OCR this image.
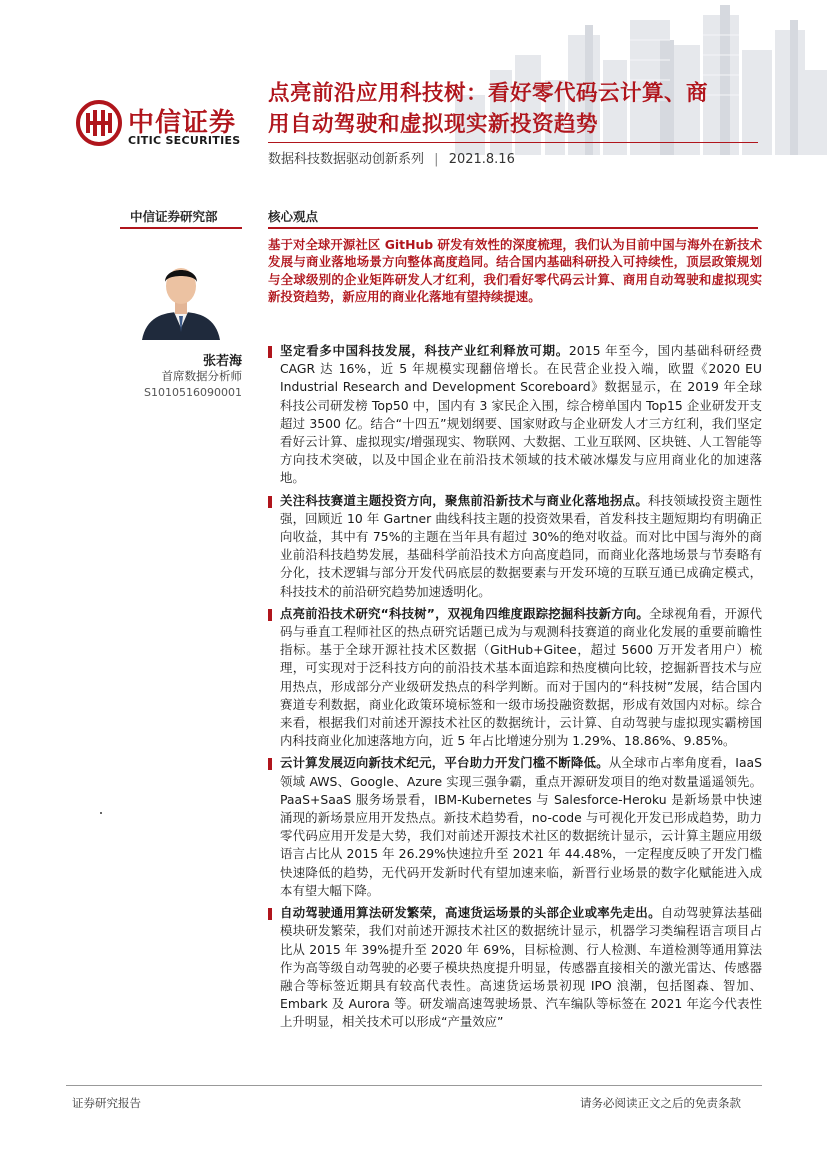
中信证券
CITIC SECURITIES
点亮前沿应用科技树：看好零代码云计算、商
用自动驾驶和虚拟现实新投资趋势
数据科技数据驱动创新系列 | 2021.8.16
中信证券研究部
张若海
首席数据分析师
S1010516090001
核心观点
基于对全球开源社区 GitHub 研发有效性的深度梳理，我们认为目前中国与海外在新技术发展与商业落地场景方向整体高度趋同。结合国内基础科研投入可持续性，顶层政策规划与全球级别的企业矩阵研发人才红利，我们看好零代码云计算、商用自动驾驶和虚拟现实新投资趋势，新应用的商业化落地有望持续提速。
坚定看多中国科技发展，科技产业红利释放可期。2015 年至今，国内基础科研经费 CAGR 达 16%，近 5 年规模实现翻倍增长。在民营企业投入端，欧盟《2020 EU Industrial Research and Development Scoreboard》数据显示，在 2019 年全球科技公司研发榜 Top50 中，国内有 3 家民企入围，综合榜单国内 Top15 企业研发开支超过 3500 亿。结合“十四五”规划纲要、国家财政与企业研发人才三方红利，我们坚定看好云计算、虚拟现实/增强现实、物联网、大数据、工业互联网、区块链、人工智能等方向技术突破，以及中国企业在前沿技术领域的技术破冰爆发与应用商业化的加速落地。
关注科技赛道主题投资方向，聚焦前沿新技术与商业化落地拐点。科技领域投资主题性强，回顾近 10 年 Gartner 曲线科技主题的投资效果看，首发科技主题短期均有明确正向收益，其中有 75%的主题在当年具有超过 30%的绝对收益。而对比中国与海外的商业前沿科技趋势发展，基础科学前沿技术方向高度趋同，而商业化落地场景与节奏略有分化，技术逻辑与部分开发代码底层的数据要素与开发环境的互联互通已成确定模式，科技技术的前沿研究趋势加速透明化。
点亮前沿技术研究“科技树”，双视角四维度跟踪挖掘科技新方向。全球视角看，开源代码与垂直工程师社区的热点研究话题已成为与观测科技赛道的商业化发展的重要前瞻性指标。基于全球开源社技术区数据（GitHub+Gitee，超过 5600 万开发者用户）梳理，可实现对于泛科技方向的前沿技术基本面追踪和热度横向比较，挖掘新晋技术与应用热点，形成部分产业级研发热点的科学判断。而对于国内的“科技树”发展，结合国内赛道专利数据，商业化政策环境标签和一级市场投融资数据，形成有效国内对标。综合来看，根据我们对前述开源技术社区的数据统计，云计算、自动驾驶与虚拟现实霸榜国内科技商业化加速落地方向，近 5 年占比增速分别为 1.29%、18.86%、9.85%。
云计算发展迈向新技术纪元，平台助力开发门槛不断降低。从全球市占率角度看，IaaS 领域 AWS、Google、Azure 实现三强争霸，重点开源研发项目的绝对数量遥遥领先。PaaS+SaaS 服务场景看，IBM-Kubernetes 与 Salesforce-Heroku 是新场景中快速涌现的新场景应用开发热点。新技术趋势看，no-code 与可视化开发已形成趋势，助力零代码应用开发是大势，我们对前述开源技术社区的数据统计显示，云计算主题应用级语言占比从 2015 年 26.29%快速拉升至 2021 年 44.48%，一定程度反映了开发门槛快速降低的趋势，无代码开发新时代有望加速来临，新晋行业场景的数字化赋能进入成本有望大幅下降。
自动驾驶通用算法研发繁荣，高速货运场景的头部企业或率先走出。自动驾驶算法基础模块研发繁荣，我们对前述开源技术社区的数据统计显示，机器学习类编程语言项目占比从 2015 年 39%提升至 2020 年 69%，目标检测、行人检测、车道检测等通用算法作为高等级自动驾驶的必要子模块热度提升明显，传感器直接相关的激光雷达、传感器融合等标签近期具有较高代表性。高速货运场景初现 IPO 浪潮，包括图森、智加、Embark 及 Aurora 等。研发端高速驾驶场景、汽车编队等标签在 2021 年迄今代表性上升明显，相关技术可以形成“产量效应”
证券研究报告	请务必阅读正文之后的免责条款
